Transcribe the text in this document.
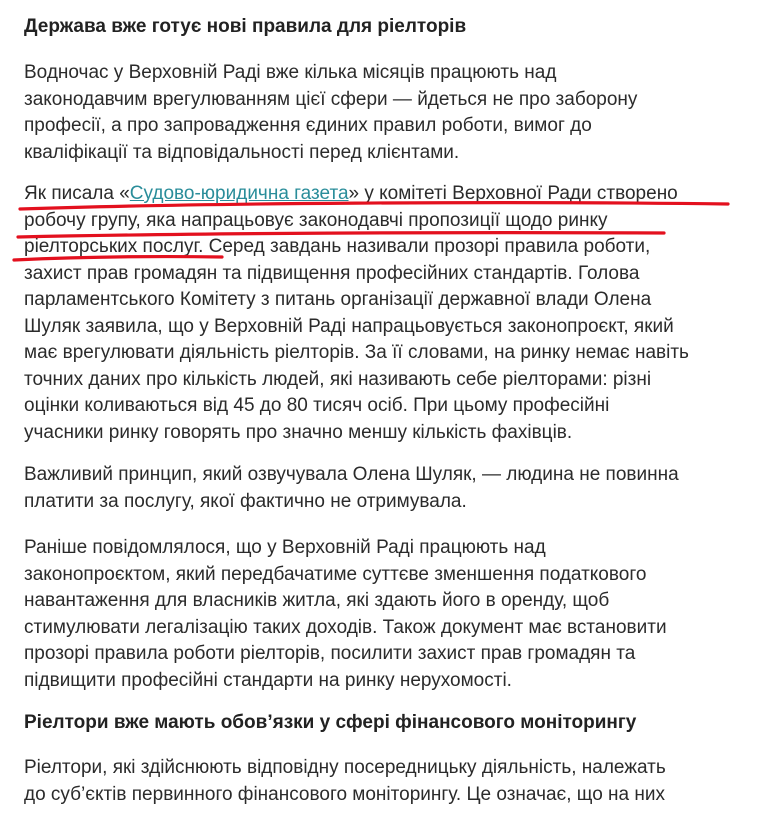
Держава вже готує нові правила для ріелторів

Водночас у Верховній Раді вже кілька місяців працюють над
законодавчим врегулюванням цієї сфери — йдеться не про заборону
професії, а про запровадження єдиних правил роботи, вимог до
кваліфікації та відповідальності перед клієнтами.

Як писала «Судово-юридична газета» у комітеті Верховної Ради створено
робочу групу, яка напрацьовує законодавчі пропозиції щодо ринку
ріелторських послуг. Серед завдань називали прозорі правила роботи,
захист прав громадян та підвищення професійних стандартів. Голова
парламентського Комітету з питань організації державної влади Олена
Шуляк заявила, що у Верховній Раді напрацьовується законопроєкт, який
має врегулювати діяльність ріелторів. За її словами, на ринку немає навіть
точних даних про кількість людей, які називають себе ріелторами: різні
оцінки коливаються від 45 до 80 тисяч осіб. При цьому професійні
учасники ринку говорять про значно меншу кількість фахівців.

Важливий принцип, який озвучувала Олена Шуляк, — людина не повинна
платити за послугу, якої фактично не отримувала.

Раніше повідомлялося, що у Верховній Раді працюють над
законопроєктом, який передбачатиме суттєве зменшення податкового
навантаження для власників житла, які здають його в оренду, щоб
стимулювати легалізацію таких доходів. Також документ має встановити
прозорі правила роботи ріелторів, посилити захист прав громадян та
підвищити професійні стандарти на ринку нерухомості.

Ріелтори вже мають обов’язки у сфері фінансового моніторингу

Ріелтори, які здійснюють відповідну посередницьку діяльність, належать
до суб’єктів первинного фінансового моніторингу. Це означає, що на них
